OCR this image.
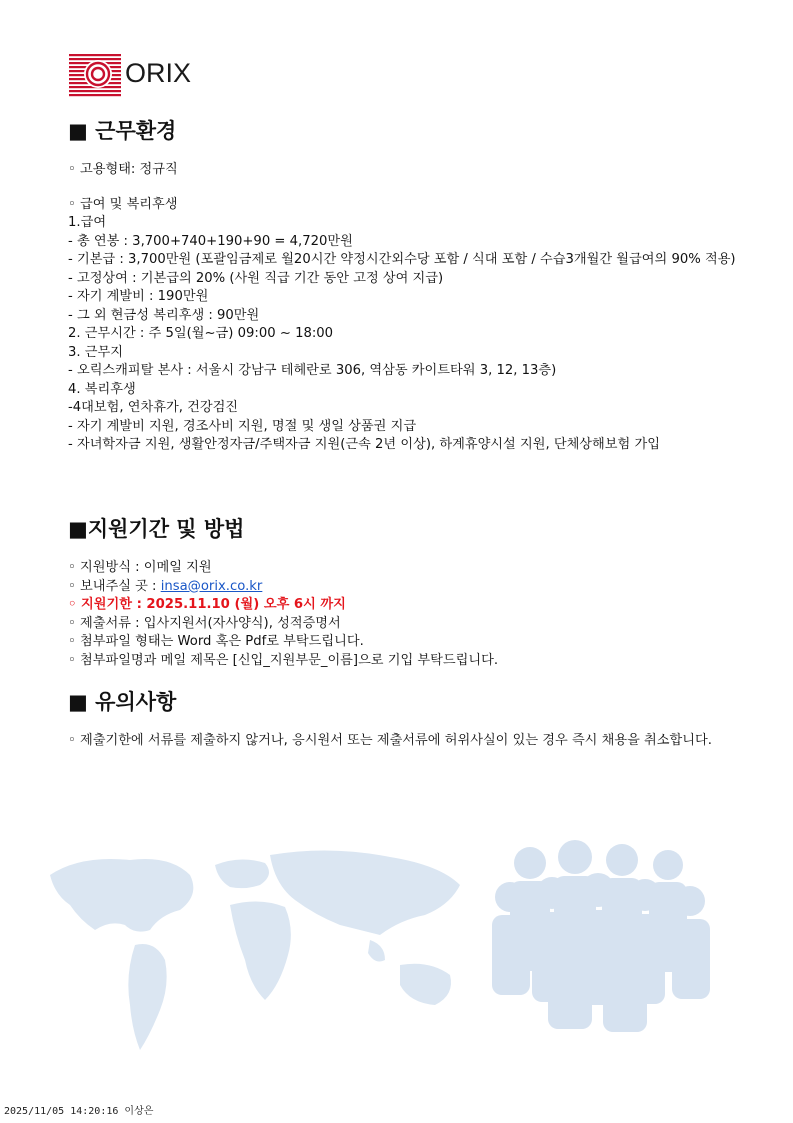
ORIX
■ 근무환경
◦ 고용형태: 정규직
◦ 급여 및 복리후생
1.급여
- 총 연봉 : 3,700+740+190+90 = 4,720만원
- 기본급 : 3,700만원 (포괄임금제로 월20시간 약정시간외수당 포함 / 식대 포함 / 수습3개월간 월급여의 90% 적용)
- 고정상여 : 기본급의 20% (사원 직급 기간 동안 고정 상여 지급)
- 자기 계발비 : 190만원
- 그 외 현금성 복리후생 : 90만원
2. 근무시간 : 주 5일(월~금) 09:00 ~ 18:00
3. 근무지
- 오릭스캐피탈 본사 : 서울시 강남구 테헤란로 306, 역삼동 카이트타워 3, 12, 13층)
4. 복리후생
-4대보험, 연차휴가, 건강검진
- 자기 계발비 지원, 경조사비 지원, 명절 및 생일 상품권 지급
- 자녀학자금 지원, 생활안정자금/주택자금 지원(근속 2년 이상), 하계휴양시설 지원, 단체상해보험 가입
■지원기간 및 방법
◦ 지원방식 : 이메일 지원
◦ 보내주실 곳 : insa@orix.co.kr
◦ 지원기한 : 2025.11.10 (월) 오후 6시 까지
◦ 제출서류 : 입사지원서(자사양식), 성적증명서
◦ 첨부파일 형태는 Word 혹은 Pdf로 부탁드립니다.
◦ 첨부파일명과 메일 제목은 [신입_지원부문_이름]으로 기입 부탁드립니다.
■ 유의사항
◦ 제출기한에 서류를 제출하지 않거나, 응시원서 또는 제출서류에 허위사실이 있는 경우 즉시 채용을 취소합니다.
2025/11/05 14:20:16 이상은
